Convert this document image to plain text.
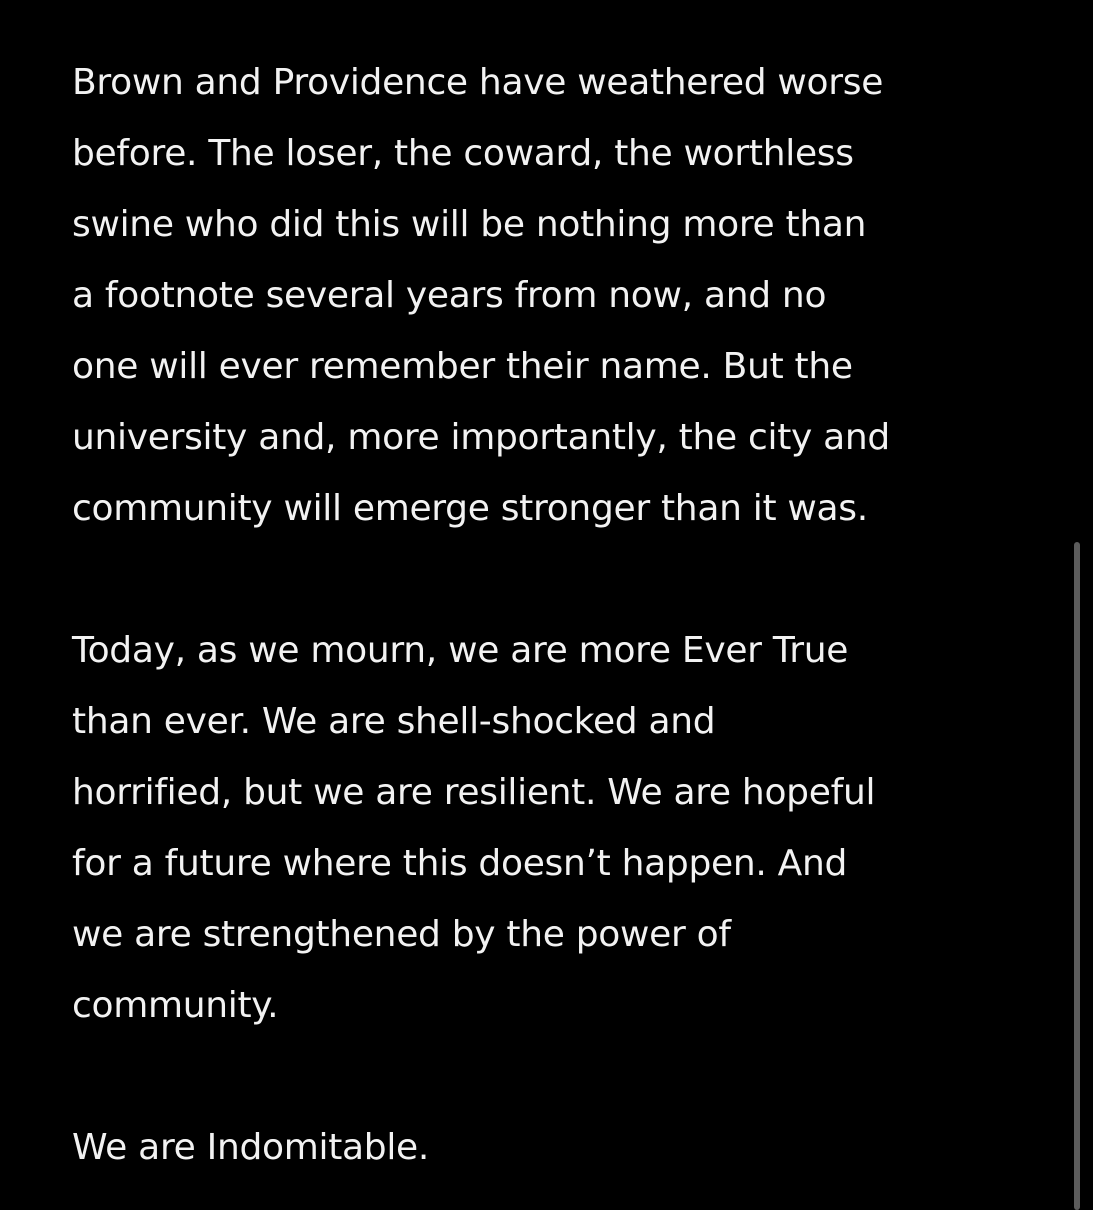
Brown and Providence have weathered worse
before. The loser, the coward, the worthless
swine who did this will be nothing more than
a footnote several years from now, and no
one will ever remember their name. But the
university and, more importantly, the city and
community will emerge stronger than it was.

Today, as we mourn, we are more Ever True
than ever. We are shell-shocked and
horrified, but we are resilient. We are hopeful
for a future where this doesn’t happen. And
we are strengthened by the power of
community.

We are Indomitable.
